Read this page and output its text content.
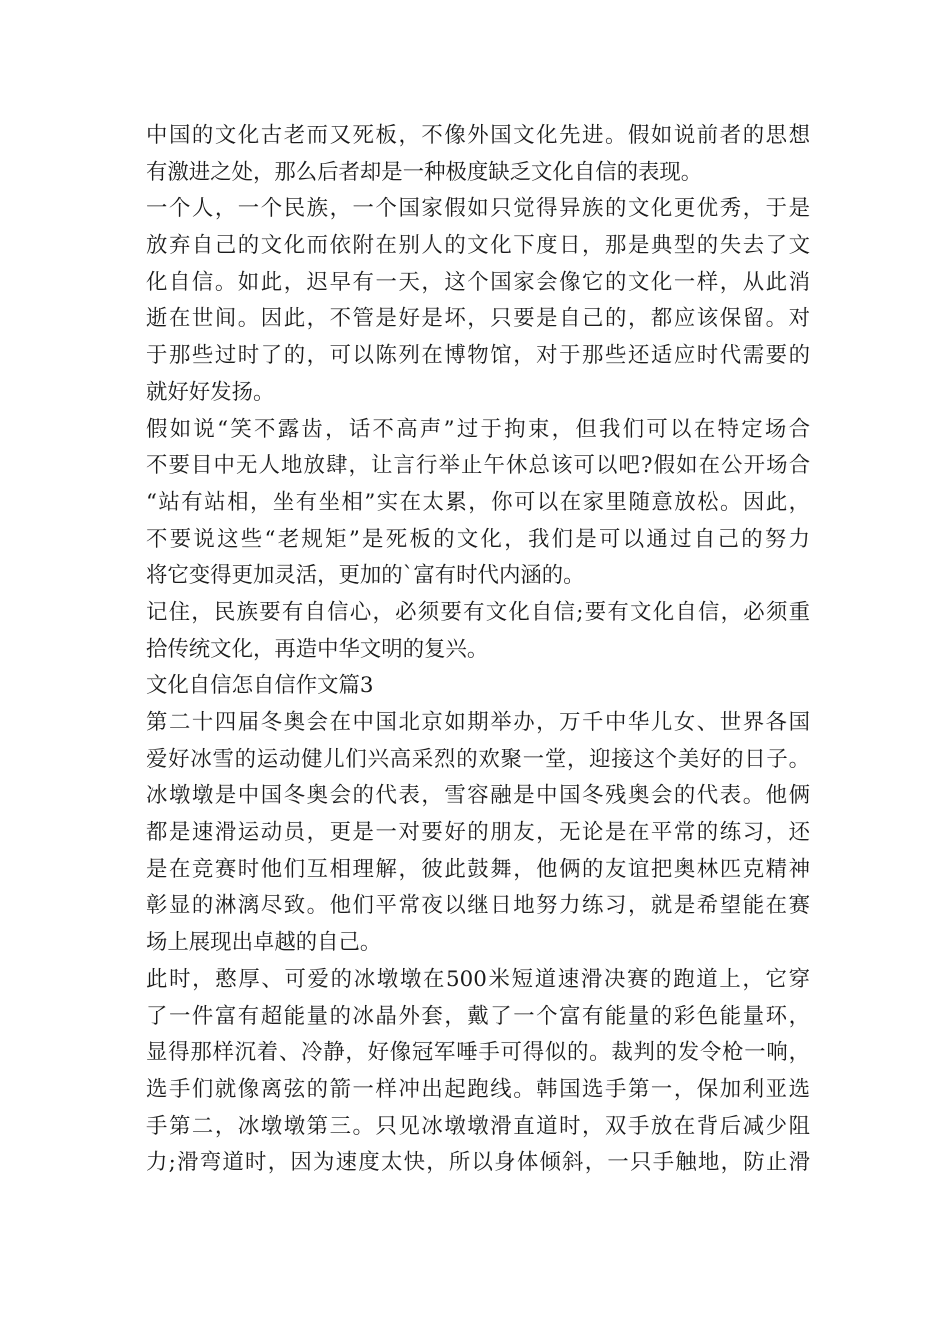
中国的文化古老而又死板，不像外国文化先进。假如说前者的思想
有激进之处，那么后者却是一种极度缺乏文化自信的表现。
一个人，一个民族，一个国家假如只觉得异族的文化更优秀，于是
放弃自己的文化而依附在别人的文化下度日，那是典型的失去了文
化自信。如此，迟早有一天，这个国家会像它的文化一样，从此消
逝在世间。因此，不管是好是坏，只要是自己的，都应该保留。对
于那些过时了的，可以陈列在博物馆，对于那些还适应时代需要的
就好好发扬。
假如说“笑不露齿，话不高声”过于拘束，但我们可以在特定场合
不要目中无人地放肆，让言行举止午休总该可以吧?假如在公开场合
“站有站相，坐有坐相”实在太累，你可以在家里随意放松。因此，
不要说这些“老规矩”是死板的文化，我们是可以通过自己的努力
将它变得更加灵活，更加的`富有时代内涵的。
记住，民族要有自信心，必须要有文化自信;要有文化自信，必须重
拾传统文化，再造中华文明的复兴。
文化自信怎自信作文篇3
第二十四届冬奥会在中国北京如期举办，万千中华儿女、世界各国
爱好冰雪的运动健儿们兴高采烈的欢聚一堂，迎接这个美好的日子。
冰墩墩是中国冬奥会的代表，雪容融是中国冬残奥会的代表。他俩
都是速滑运动员，更是一对要好的朋友，无论是在平常的练习，还
是在竞赛时他们互相理解，彼此鼓舞，他俩的友谊把奥林匹克精神
彰显的淋漓尽致。他们平常夜以继日地努力练习，就是希望能在赛
场上展现出卓越的自己。
此时，憨厚、可爱的冰墩墩在500米短道速滑决赛的跑道上，它穿
了一件富有超能量的冰晶外套，戴了一个富有能量的彩色能量环，
显得那样沉着、冷静，好像冠军唾手可得似的。裁判的发令枪一响，
选手们就像离弦的箭一样冲出起跑线。韩国选手第一，保加利亚选
手第二，冰墩墩第三。只见冰墩墩滑直道时，双手放在背后减少阻
力;滑弯道时，因为速度太快，所以身体倾斜，一只手触地，防止滑
